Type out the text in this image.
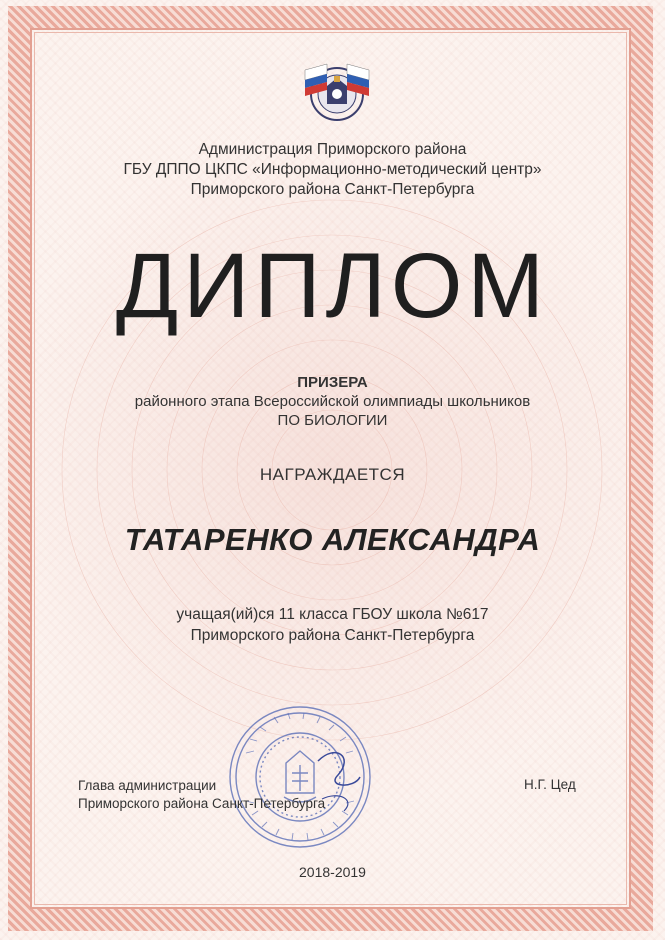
Администрация Приморского района
ГБУ ДППО ЦКПС «Информационно-методический центр»
Приморского района Санкт-Петербурга
ДИПЛОМ
ПРИЗЕРА
районного этапа Всероссийской олимпиады школьников
ПО БИОЛОГИИ
НАГРАЖДАЕТСЯ
ТАТАРЕНКО АЛЕКСАНДРА
учащая(ий)ся 11 класса ГБОУ школа №617
Приморского района Санкт-Петербурга
Глава администрации
Приморского района Санкт-Петербурга
Н.Г. Цед
2018-2019
